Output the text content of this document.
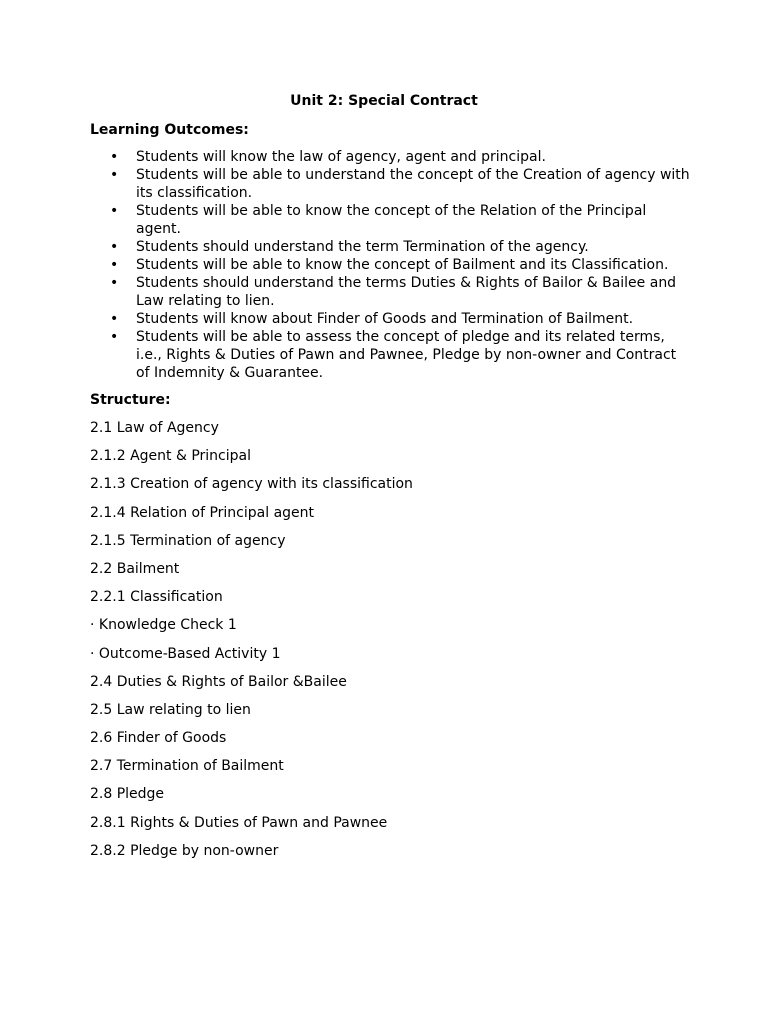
Unit 2: Special Contract
Learning Outcomes:
• Students will know the law of agency, agent and principal.
• Students will be able to understand the concept of the Creation of agency with its classification.
• Students will be able to know the concept of the Relation of the Principal agent.
• Students should understand the term Termination of the agency.
• Students will be able to know the concept of Bailment and its Classification.
• Students should understand the terms Duties & Rights of Bailor & Bailee and Law relating to lien.
• Students will know about Finder of Goods and Termination of Bailment.
• Students will be able to assess the concept of pledge and its related terms, i.e., Rights & Duties of Pawn and Pawnee, Pledge by non-owner and Contract of Indemnity & Guarantee.
Structure:
2.1 Law of Agency
2.1.2 Agent & Principal
2.1.3 Creation of agency with its classification
2.1.4 Relation of Principal agent
2.1.5 Termination of agency
2.2 Bailment
2.2.1 Classification
· Knowledge Check 1
· Outcome-Based Activity 1
2.4 Duties & Rights of Bailor &Bailee
2.5 Law relating to lien
2.6 Finder of Goods
2.7 Termination of Bailment
2.8 Pledge
2.8.1 Rights & Duties of Pawn and Pawnee
2.8.2 Pledge by non-owner
